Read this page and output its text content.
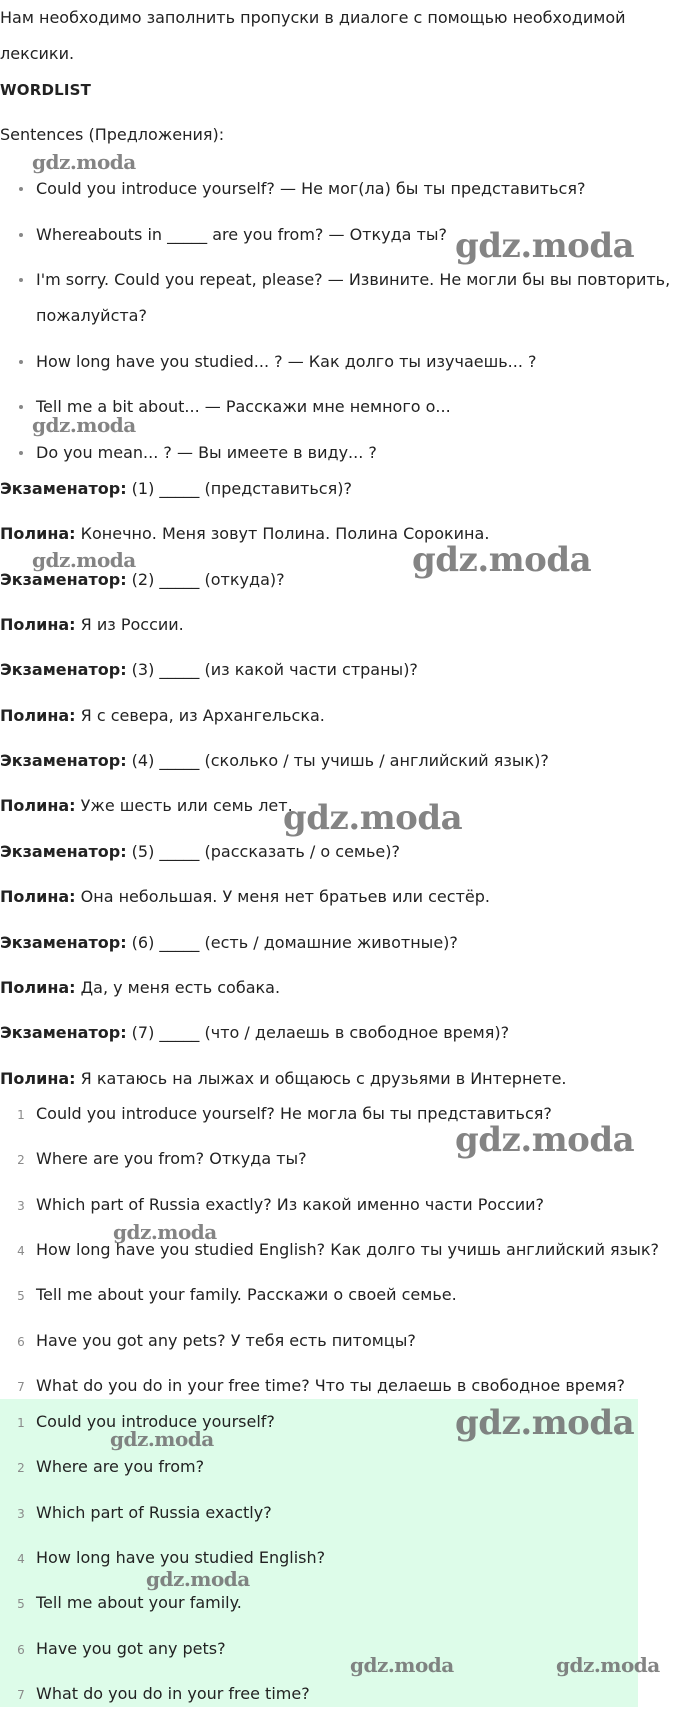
Нам необходимо заполнить пропуски в диалоге с помощью необходимой
лексики.
WORDLIST
Sentences (Предложения):
Could you introduce yourself? — Не мог(ла) бы ты представиться?
Whereabouts in _____ are you from? — Откуда ты?
I'm sorry. Could you repeat, please? — Извините. Не могли бы вы повторить,
пожалуйста?
How long have you studied... ? — Как долго ты изучаешь... ?
Tell me a bit about... — Расскажи мне немного о...
Do you mean... ? — Вы имеете в виду... ?
Экзаменатор: (1) _____ (представиться)?
Полина: Конечно. Меня зовут Полина. Полина Сорокина.
Экзаменатор: (2) _____ (откуда)?
Полина: Я из России.
Экзаменатор: (3) _____ (из какой части страны)?
Полина: Я с севера, из Архангельска.
Экзаменатор: (4) _____ (сколько / ты учишь / английский язык)?
Полина: Уже шесть или семь лет.
Экзаменатор: (5) _____ (рассказать / о семье)?
Полина: Она небольшая. У меня нет братьев или сестёр.
Экзаменатор: (6) _____ (есть / домашние животные)?
Полина: Да, у меня есть собака.
Экзаменатор: (7) _____ (что / делаешь в свободное время)?
Полина: Я катаюсь на лыжах и общаюсь с друзьями в Интернете.
1 Could you introduce yourself? Не могла бы ты представиться?
2 Where are you from? Откуда ты?
3 Which part of Russia exactly? Из какой именно части России?
4 How long have you studied English? Как долго ты учишь английский язык?
5 Tell me about your family. Расскажи о своей семье.
6 Have you got any pets? У тебя есть питомцы?
7 What do you do in your free time? Что ты делаешь в свободное время?
1 Could you introduce yourself?
2 Where are you from?
3 Which part of Russia exactly?
4 How long have you studied English?
5 Tell me about your family.
6 Have you got any pets?
7 What do you do in your free time?
gdz.moda
gdz.moda
gdz.moda
gdz.moda	gdz.moda
gdz.moda
gdz.moda
gdz.moda
gdz.moda
gdz.moda
gdz.moda
gdz.moda	gdz.moda
